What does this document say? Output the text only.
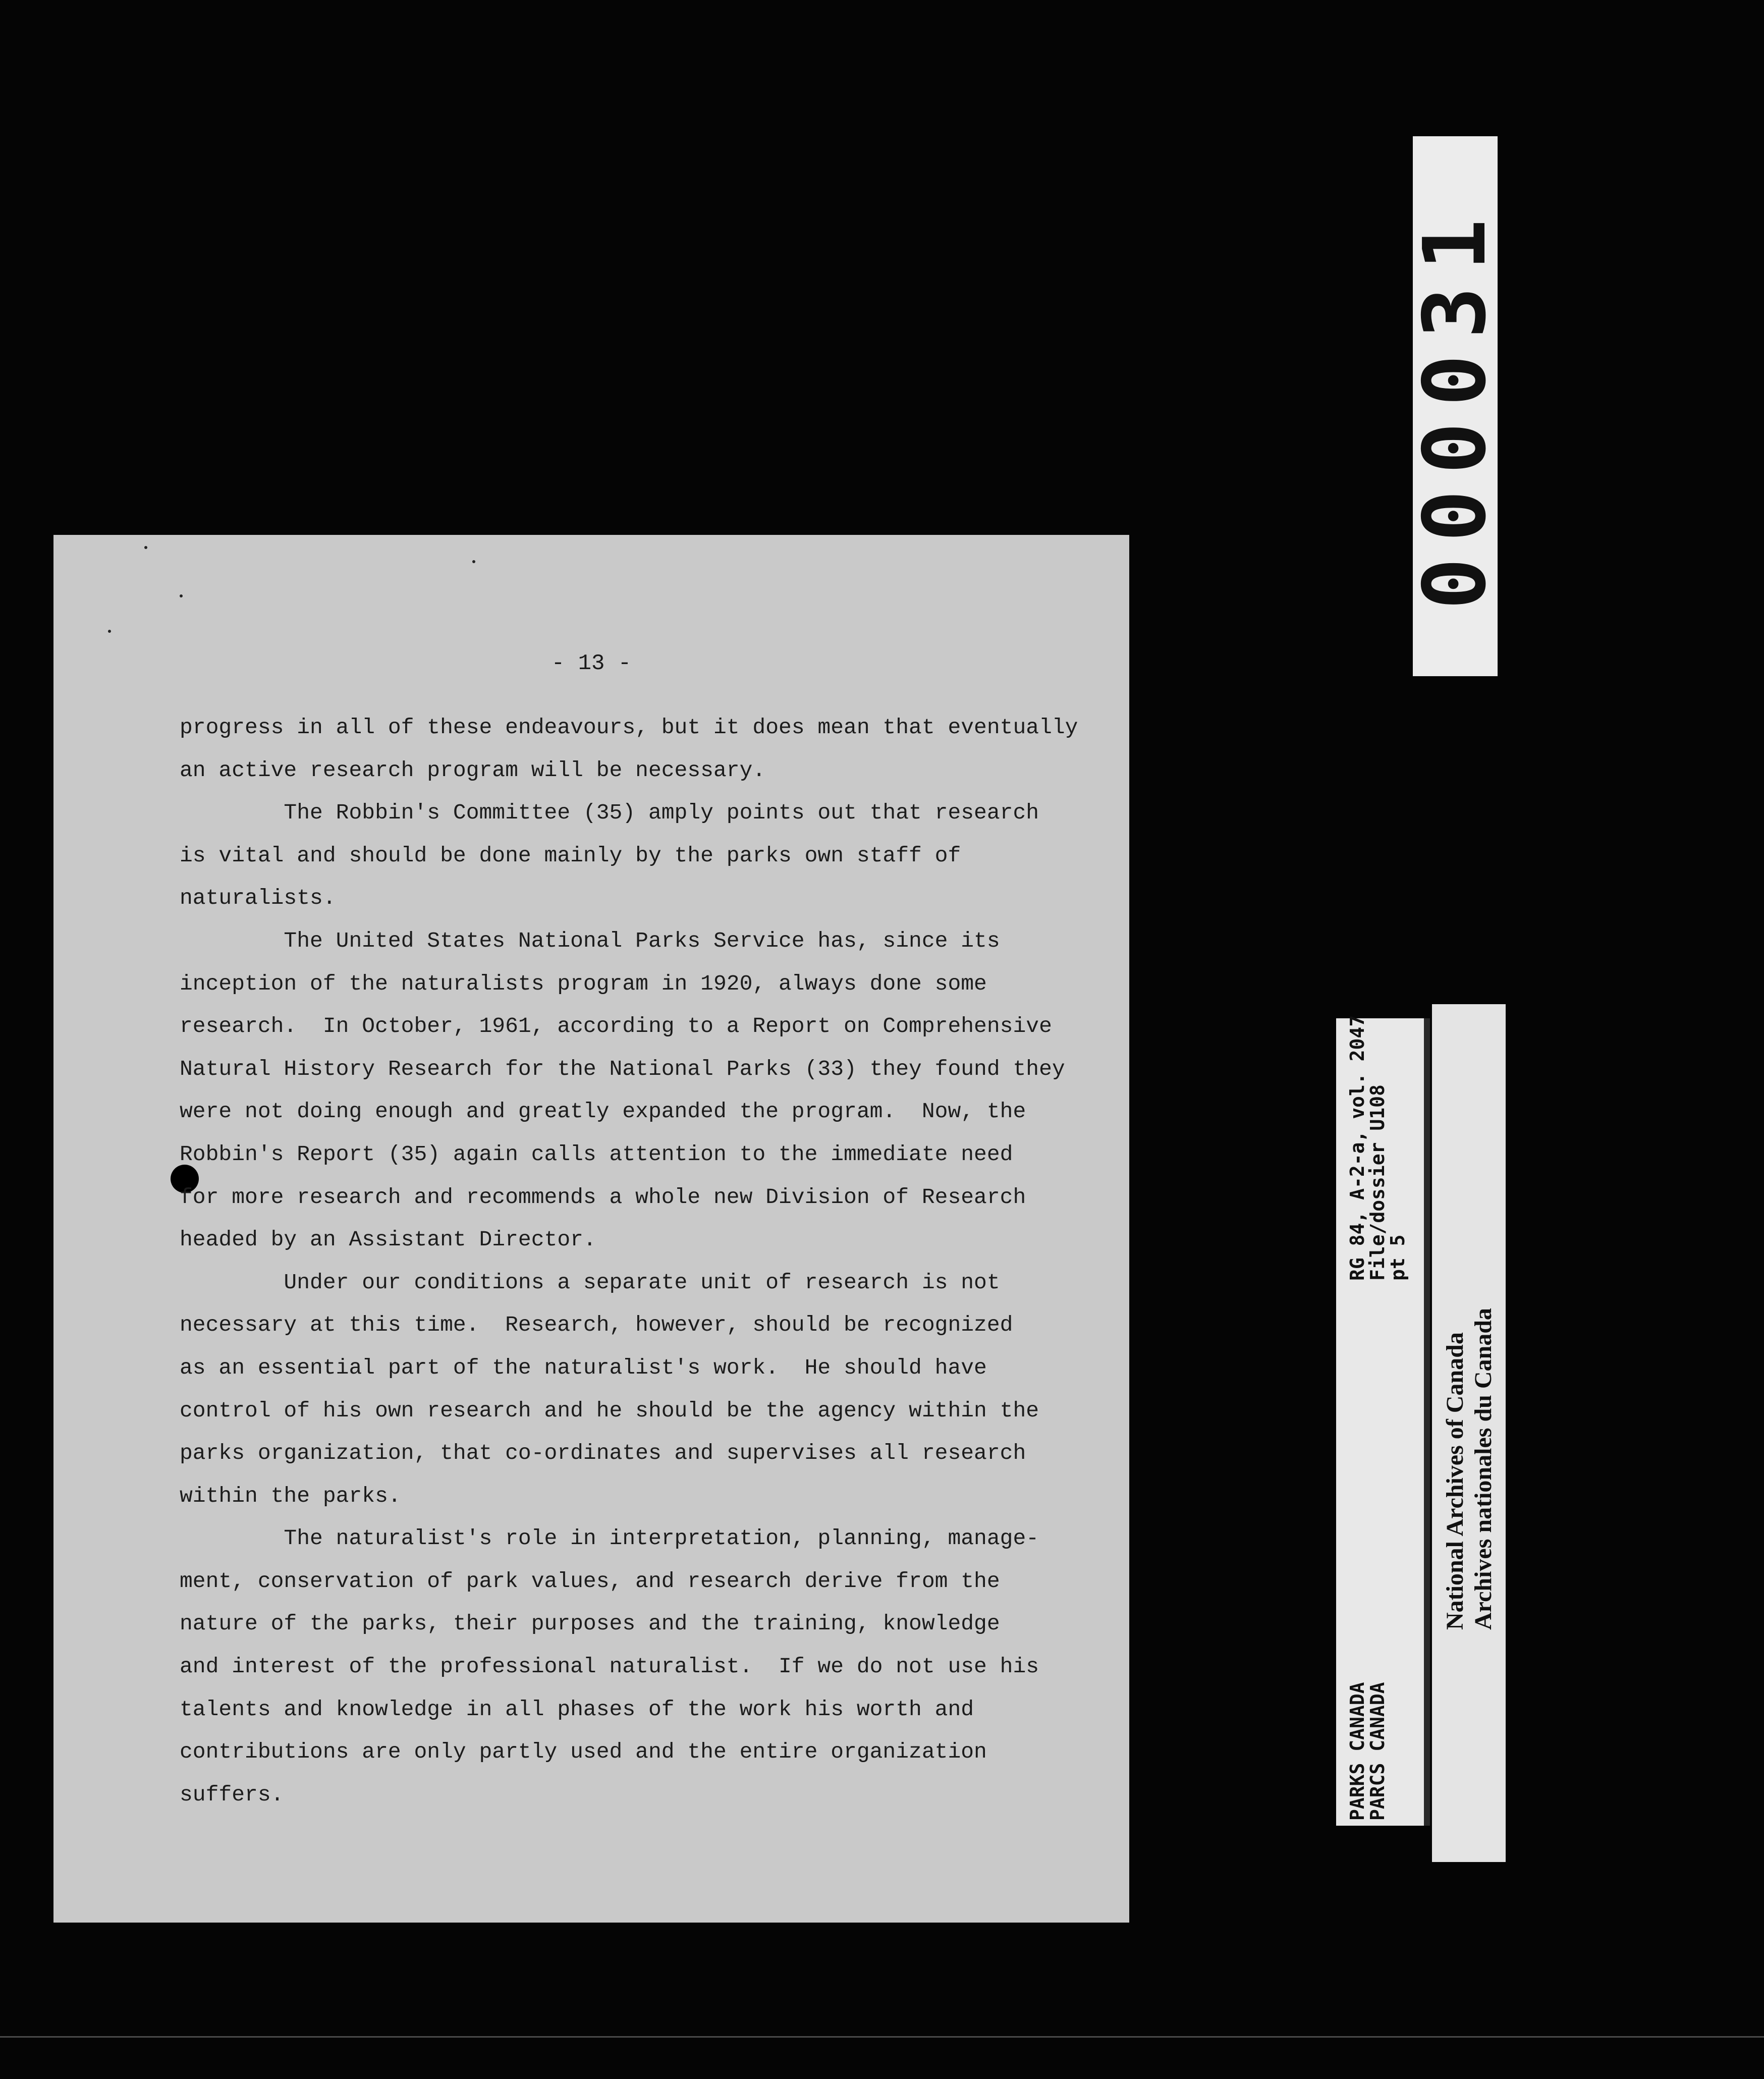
000031
- 13 -
progress in all of these endeavours, but it does mean that eventually
an active research program will be necessary.
The Robbin's Committee (35) amply points out that research
is vital and should be done mainly by the parks own staff of
naturalists.
The United States National Parks Service has, since its
inception of the naturalists program in 1920, always done some
research.  In October, 1961, according to a Report on Comprehensive
Natural History Research for the National Parks (33) they found they
were not doing enough and greatly expanded the program.  Now, the
Robbin's Report (35) again calls attention to the immediate need
for more research and recommends a whole new Division of Research
headed by an Assistant Director.
Under our conditions a separate unit of research is not
necessary at this time.  Research, however, should be recognized
as an essential part of the naturalist's work.  He should have
control of his own research and he should be the agency within the
parks organization, that co-ordinates and supervises all research
within the parks.
The naturalist's role in interpretation, planning, manage-
ment, conservation of park values, and research derive from the
nature of the parks, their purposes and the training, knowledge
and interest of the professional naturalist.  If we do not use his
talents and knowledge in all phases of the work his worth and
contributions are only partly used and the entire organization
suffers.
RG 84, A-2-a, vol. 2047
File/dossier U108
pt 5
PARKS CANADA
PARCS CANADA
National Archives of Canada Archives nationales du Canada
